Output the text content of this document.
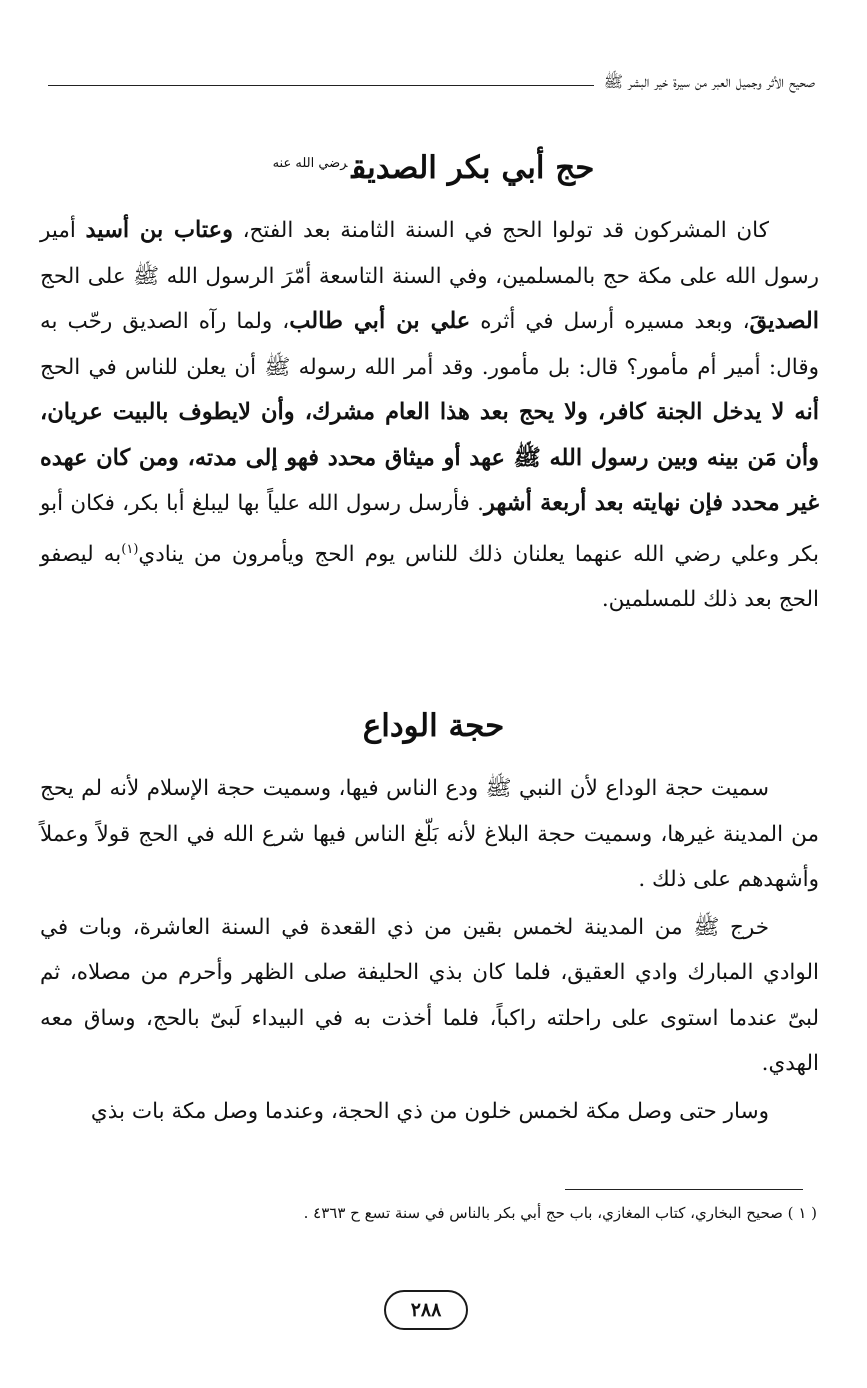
صحيح الأثر وجميل العبر من سيرة خير البشر ﷺ
حج أبي بكر الصديق$^{رضي الله عنه}$

كان المشركون قد تولوا الحج في السنة الثامنة بعد الفتح، وعتاب بن أسيد أمير رسول الله على مكة حج بالمسلمين، وفي السنة التاسعة أمّرَ الرسول الله ﷺ على الحج الصديقَ، وبعد مسيره أرسل في أثره علي بن أبي طالب، ولما رآه الصديق رحّب به وقال: أمير أم مأمور؟ قال: بل مأمور. وقد أمر الله رسوله ﷺ أن يعلن للناس في الحج أنه لا يدخل الجنة كافر، ولا يحج بعد هذا العام مشرك، وأن لايطوف بالبيت عريان، وأن مَن بينه وبين رسول الله ﷺ عهد أو ميثاق محدد فهو إلى مدته، ومن كان عهده غير محدد فإن نهايته بعد أربعة أشهر. فأرسل رسول الله علياً بها ليبلغ أبا بكر، فكان أبو بكر وعلي رضي الله عنهما يعلنان ذلك للناس يوم الحج ويأمرون من ينادي$^{(١)}$به ليصفو الحج بعد ذلك للمسلمين.

حجة الوداع

سميت حجة الوداع لأن النبي ﷺ ودع الناس فيها، وسميت حجة الإسلام لأنه لم يحج من المدينة غيرها، وسميت حجة البلاغ لأنه بَلّغ الناس فيها شرع الله في الحج قولاً وعملاً وأشهدهم على ذلك .

خرج ﷺ من المدينة لخمس بقين من ذي القعدة في السنة العاشرة، وبات في الوادي المبارك وادي العقيق، فلما كان بذي الحليفة صلى الظهر وأحرم من مصلاه، ثم لبىّ عندما استوى على راحلته راكباً، فلما أخذت به في البيداء لَبىّ بالحج، وساق معه الهدي.

وسار حتى وصل مكة لخمس خلون من ذي الحجة، وعندما وصل مكة بات بذي

( ١ ) صحيح البخاري، كتاب المغازي، باب حج أبي بكر بالناس في سنة تسع ح ٤٣٦٣ .
٢٨٨
